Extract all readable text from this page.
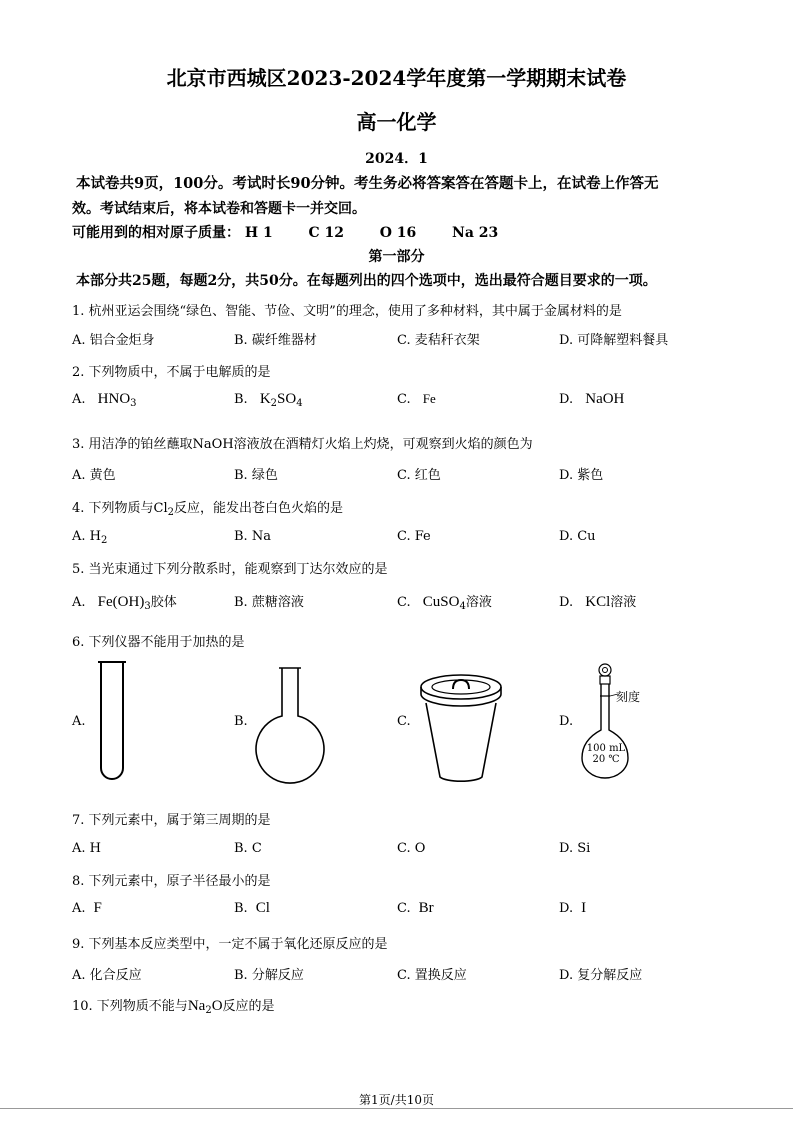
北京市西城区2023-2024学年度第一学期期末试卷
高一化学
2024．1
本试卷共9页，100分。考试时长90分钟。考生务必将答案答在答题卡上，在试卷上作答无
效。考试结束后，将本试卷和答题卡一并交回。
可能用到的相对原子质量： H 1	C 12	O 16	Na 23
第一部分
本部分共25题，每题2分，共50分。在每题列出的四个选项中，选出最符合题目要求的一项。
1. 杭州亚运会围绕“绿色、智能、节俭、文明”的理念，使用了多种材料，其中属于金属材料的是
A. 铝合金炬身	B. 碳纤维器材	C. 麦秸秆衣架	D. 可降解塑料餐具
2. 下列物质中，不属于电解质的是
A. $HNO_3$	B. $K_2SO_4$	C. Fe	D. NaOH
3. 用洁净的铂丝蘸取NaOH溶液放在酒精灯火焰上灼烧，可观察到火焰的颜色为
A. 黄色	B. 绿色	C. 红色	D. 紫色
4. 下列物质与$Cl_2$反应，能发出苍白色火焰的是
A. $H_2$	B. Na	C. Fe	D. Cu
5. 当光束通过下列分散系时，能观察到丁达尔效应的是
A. $Fe(OH)_3$胶体	B. 蔗糖溶液	C. CuSO$_4$溶液	D. KCl溶液
6. 下列仪器不能用于加热的是
A.	B.	C.	D.
刻度
100 mL
20 ℃
7. 下列元素中，属于第三周期的是
A. H	B. C	C. O	D. Si
8. 下列元素中，原子半径最小的是
A. F	B. Cl	C. Br	D. I
9. 下列基本反应类型中，一定不属于氧化还原反应的是
A. 化合反应	B. 分解反应	C. 置换反应	D. 复分解反应
10. 下列物质不能与$Na_2O$反应的是
第1页/共10页
